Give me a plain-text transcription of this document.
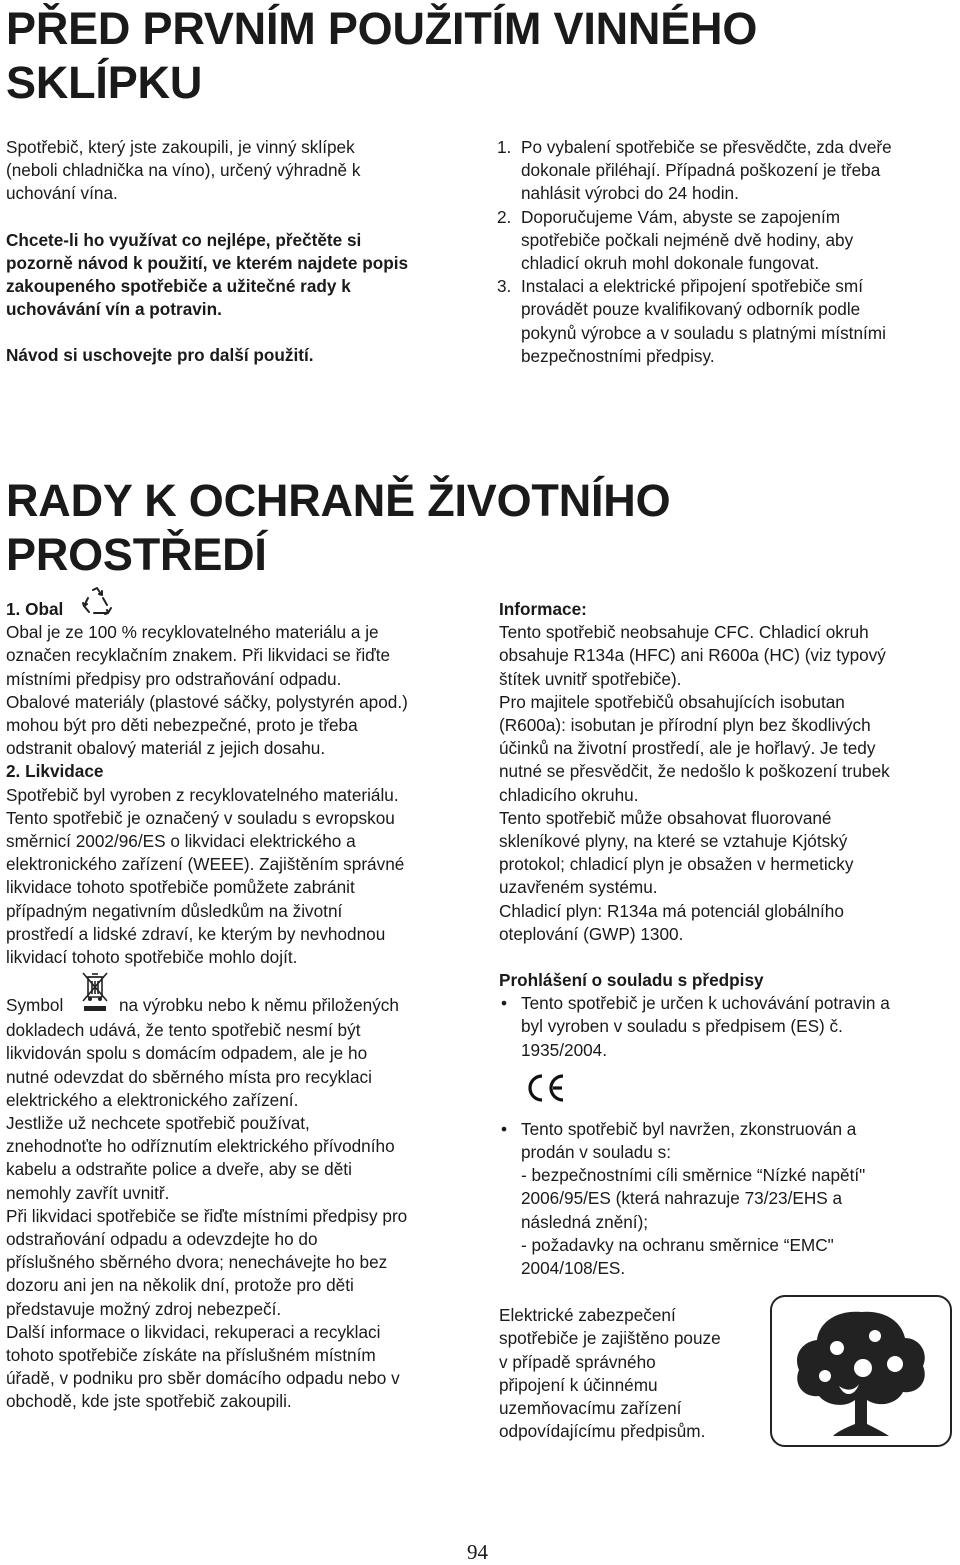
PŘED PRVNÍM POUŽITÍM VINNÉHO
SKLÍPKU

Spotřebič, který jste zakoupili, je vinný sklípek
(neboli chladnička na víno), určený výhradně k
uchování vína.

Chcete-li ho využívat co nejlépe, přečtěte si
pozorně návod k použití, ve kterém najdete popis
zakoupeného spotřebiče a užitečné rady k
uchovávání vín a potravin.

Návod si uschovejte pro další použití.

1. Po vybalení spotřebiče se přesvědčte, zda dveře
dokonale přiléhají. Případná poškození je třeba
nahlásit výrobci do 24 hodin.
2. Doporučujeme Vám, abyste se zapojením
spotřebiče počkali nejméně dvě hodiny, aby
chladicí okruh mohl dokonale fungovat.
3. Instalaci a elektrické připojení spotřebiče smí
provádět pouze kvalifikovaný odborník podle
pokynů výrobce a v souladu s platnými místními
bezpečnostními předpisy.
RADY K OCHRANĚ ŽIVOTNÍHO
PROSTŘEDÍ
1. Obal

Obal je ze 100 % recyklovatelného materiálu a je
označen recyklačním znakem. Při likvidaci se řiďte
místními předpisy pro odstraňování odpadu.
Obalové materiály (plastové sáčky, polystyrén apod.)
mohou být pro děti nebezpečné, proto je třeba
odstranit obalový materiál z jejich dosahu.

2. Likvidace

Spotřebič byl vyroben z recyklovatelného materiálu.
Tento spotřebič je označený v souladu s evropskou
směrnicí 2002/96/ES o likvidaci elektrického a
elektronického zařízení (WEEE). Zajištěním správné
likvidace tohoto spotřebiče pomůžete zabránit
případným negativním důsledkům na životní
prostředí a lidské zdraví, ke kterým by nevhodnou
likvidací tohoto spotřebiče mohlo dojít.

Symbol	na výrobku nebo k němu přiložených

dokladech udává, že tento spotřebič nesmí být
likvidován spolu s domácím odpadem, ale je ho
nutné odevzdat do sběrného místa pro recyklaci
elektrického a elektronického zařízení.
Jestliže už nechcete spotřebič používat,
znehodnoťte ho odříznutím elektrického přívodního
kabelu a odstraňte police a dveře, aby se děti
nemohly zavřít uvnitř.
Při likvidaci spotřebiče se řiďte místními předpisy pro
odstraňování odpadu a odevzdejte ho do
příslušného sběrného dvora; nenechávejte ho bez
dozoru ani jen na několik dní, protože pro děti
představuje možný zdroj nebezpečí.
Další informace o likvidaci, rekuperaci a recyklaci
tohoto spotřebiče získáte na příslušném místním
úřadě, v podniku pro sběr domácího odpadu nebo v
obchodě, kde jste spotřebič zakoupili.

Informace:

Tento spotřebič neobsahuje CFC. Chladicí okruh
obsahuje R134a (HFC) ani R600a (HC) (viz typový
štítek uvnitř spotřebiče).
Pro majitele spotřebičů obsahujících isobutan
(R600a): isobutan je přírodní plyn bez škodlivých
účinků na životní prostředí, ale je hořlavý. Je tedy
nutné se přesvědčit, že nedošlo k poškození trubek
chladicího okruhu.
Tento spotřebič může obsahovat fluorované
skleníkové plyny, na které se vztahuje Kjótský
protokol; chladicí plyn je obsažen v hermeticky
uzavřeném systému.
Chladicí plyn: R134a má potenciál globálního
oteplování (GWP) 1300.

Prohlášení o souladu s předpisy

• Tento spotřebič je určen k uchovávání potravin a
byl vyroben v souladu s předpisem (ES) č.
1935/2004.
• Tento spotřebič byl navržen, zkonstruován a
prodán v souladu s:
- bezpečnostními cíli směrnice “Nízké napětí"
2006/95/ES (která nahrazuje 73/23/EHS a
následná znění);
- požadavky na ochranu směrnice “EMC"
2004/108/ES.

Elektrické zabezpečení
spotřebiče je zajištěno pouze
v případě správného
připojení k účinnému
uzemňovacímu zařízení
odpovídajícímu předpisům.

94
